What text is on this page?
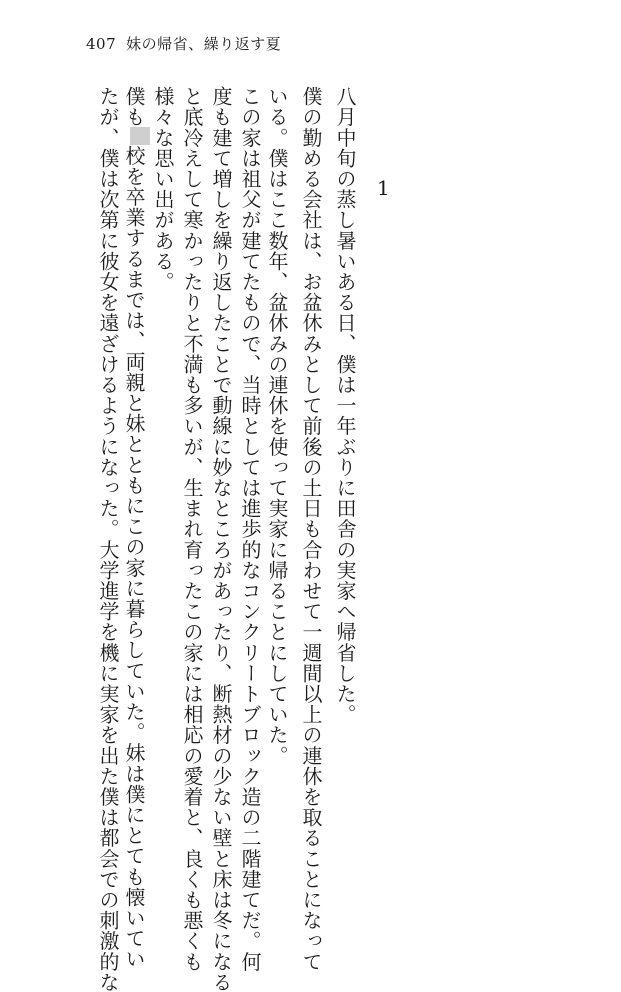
407 妹の帰省、繰り返す夏
1
八月中旬の蒸し暑いある日、僕は一年ぶりに田舎の実家へ帰省した。
僕の勤める会社は、お盆休みとして前後の土日も合わせて一週間以上の連休を取ることになって
いる。僕はここ数年、盆休みの連休を使って実家に帰ることにしていた。
この家は祖父が建てたもので、当時としては進歩的なコンクリートブロック造の二階建てだ。何
度も建て増しを繰り返したことで動線に妙なところがあったり、断熱材の少ない壁と床は冬になる
と底冷えして寒かったりと不満も多いが、生まれ育ったこの家には相応の愛着と、良くも悪くも
様々な思い出がある。
僕も校を卒業するまでは、両親と妹とともにこの家に暮らしていた。妹は僕にとても懐いてい
たが、僕は次第に彼女を遠ざけるようになった。大学進学を機に実家を出た僕は都会での刺激的な
